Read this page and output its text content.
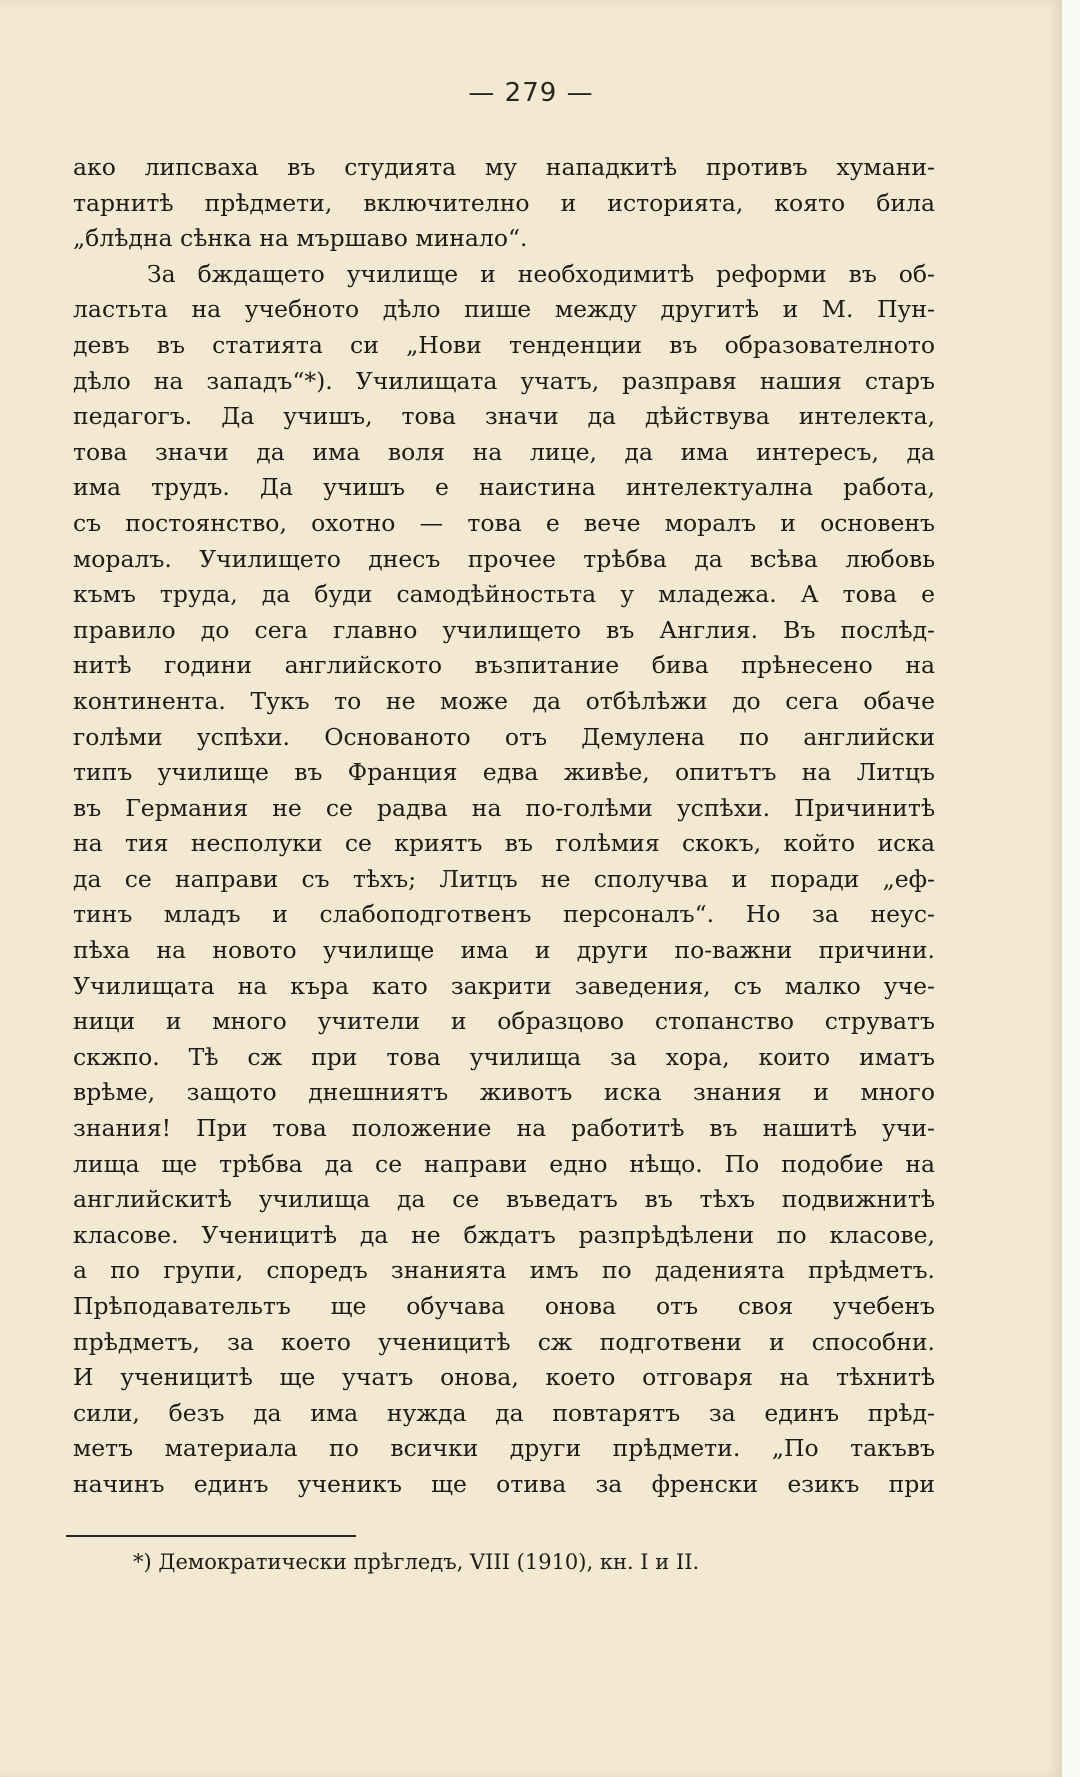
— 279 —
ако липсваха въ студията му нападкитѣ противъ хумани-
тарнитѣ прѣдмети, включително и историята, която била
„блѣдна сѣнка на мършаво минало“.
За бждащето училище и необходимитѣ реформи въ об-
ластьта на учебното дѣло пише между другитѣ и М. Пун-
девъ въ статията си „Нови тенденции въ образователното
дѣло на западъ“*). Училищата учатъ, разправя нашия старъ
педагогъ. Да учишъ, това значи да дѣйствува интелекта,
това значи да има воля на лице, да има интересъ, да
има трудъ. Да учишъ е наистина интелектуална работа,
съ постоянство, охотно — това е вече моралъ и основенъ
моралъ. Училището днесъ прочее трѣбва да всѣва любовь
къмъ труда, да буди самодѣйностьта у младежа. А това е
правило до сега главно училището въ Англия. Въ послѣд-
нитѣ години английското възпитание бива прѣнесено на
континента. Тукъ то не може да отбѣлѣжи до сега обаче
голѣми успѣхи. Основаното отъ Демулена по английски
типъ училище въ Франция едва живѣе, опитътъ на Литцъ
въ Германия не се радва на по-голѣми успѣхи. Причинитѣ
на тия несполуки се криятъ въ голѣмия скокъ, който иска
да се направи съ тѣхъ; Литцъ не сполучва и поради „еф-
тинъ младъ и слабоподготвенъ персоналъ“. Но за неус-
пѣха на новото училище има и други по-важни причини.
Училищата на кърa като закрити заведения, съ малко уче-
ници и много учители и образцово стопанство струватъ
скжпо. Тѣ сж при това училища за хора, които иматъ
врѣме, защото днешниятъ животъ иска знания и много
знания! При това положение на работитѣ въ нашитѣ учи-
лища ще трѣбва да се направи едно нѣщо. По подобие на
английскитѣ училища да се въведатъ въ тѣхъ подвижнитѣ
класове. Ученицитѣ да не бждатъ разпрѣдѣлени по класове,
а по групи, споредъ знанията имъ по даденията прѣдметъ.
Прѣподавательтъ ще обучава онова отъ своя учебенъ
прѣдметъ, за което ученицитѣ сж подготвени и способни.
И ученицитѣ ще учатъ онова, което отговаря на тѣхнитѣ
сили, безъ да има нужда да повтарятъ за единъ прѣд-
метъ материала по всички други прѣдмети. „По такъвъ
начинъ единъ ученикъ ще отива за френски езикъ при
*) Демократически прѣгледъ, VIII (1910), кн. I и II.
